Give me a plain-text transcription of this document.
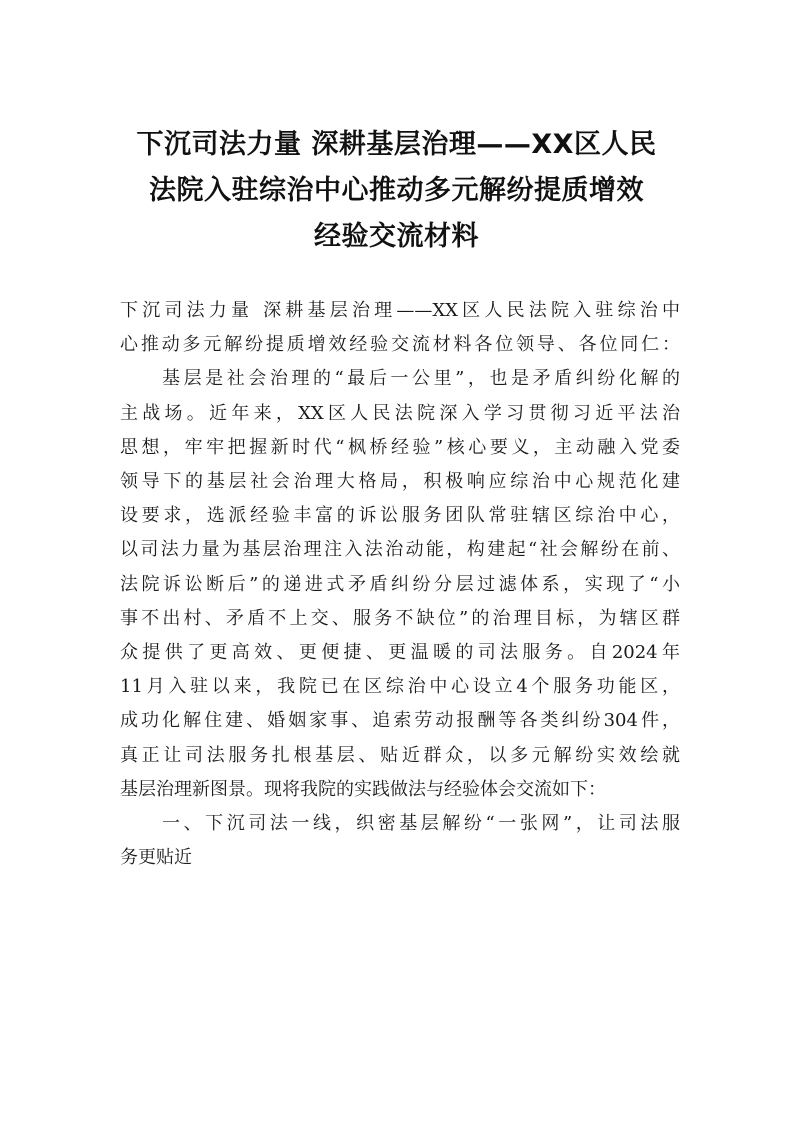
下沉司法力量 深耕基层治理——XX区人民
法院入驻综治中心推动多元解纷提质增效
经验交流材料
下沉司法力量 深耕基层治理——XX区人民法院入驻综治中
心推动多元解纷提质增效经验交流材料各位领导、各位同仁：
基层是社会治理的“最后一公里”，也是矛盾纠纷化解的
主战场。近年来，XX区人民法院深入学习贯彻习近平法治
思想，牢牢把握新时代“枫桥经验”核心要义，主动融入党委
领导下的基层社会治理大格局，积极响应综治中心规范化建
设要求，选派经验丰富的诉讼服务团队常驻辖区综治中心，
以司法力量为基层治理注入法治动能，构建起“社会解纷在前、
法院诉讼断后”的递进式矛盾纠纷分层过滤体系，实现了“小
事不出村、矛盾不上交、服务不缺位”的治理目标，为辖区群
众提供了更高效、更便捷、更温暖的司法服务。自2024年
11月入驻以来，我院已在区综治中心设立4个服务功能区，
成功化解住建、婚姻家事、追索劳动报酬等各类纠纷304件，
真正让司法服务扎根基层、贴近群众，以多元解纷实效绘就
基层治理新图景。现将我院的实践做法与经验体会交流如下：
一、下沉司法一线，织密基层解纷“一张网”，让司法服
务更贴近
